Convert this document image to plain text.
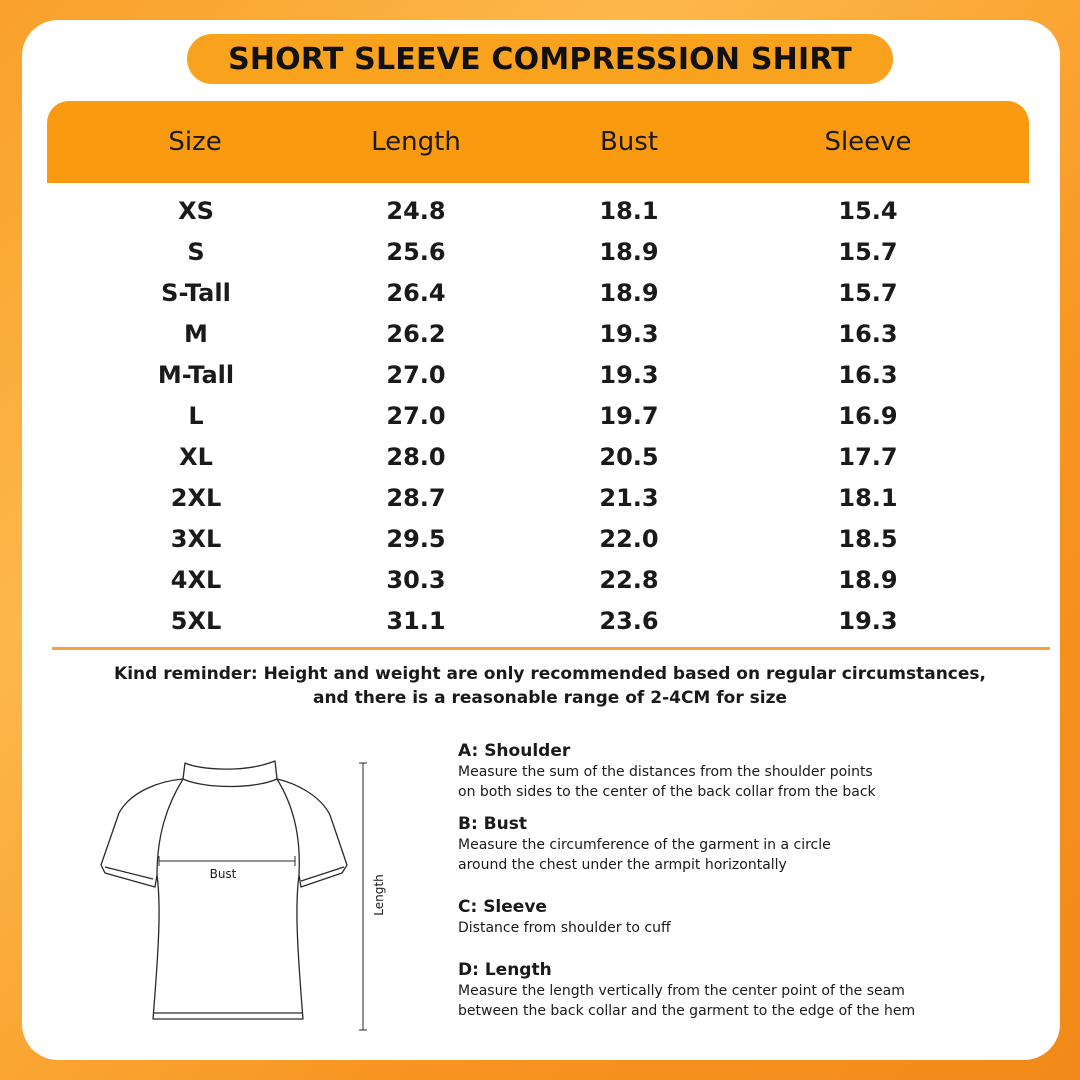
SHORT SLEEVE COMPRESSION SHIRT
Size	Length	Bust	Sleeve
XS	24.8	18.1	15.4
S	25.6	18.9	15.7
S-Tall	26.4	18.9	15.7
M	26.2	19.3	16.3
M-Tall	27.0	19.3	16.3
L	27.0	19.7	16.9
XL	28.0	20.5	17.7
2XL	28.7	21.3	18.1
3XL	29.5	22.0	18.5
4XL	30.3	22.8	18.9
5XL	31.1	23.6	19.3
Kind reminder: Height and weight are only recommended based on regular circumstances,
and there is a reasonable range of 2-4CM for size
Bust
Length
A: Shoulder
Measure the sum of the distances from the shoulder points
on both sides to the center of the back collar from the back
B: Bust
Measure the circumference of the garment in a circle
around the chest under the armpit horizontally
C: Sleeve
Distance from shoulder to cuff
D: Length
Measure the length vertically from the center point of the seam
between the back collar and the garment to the edge of the hem
